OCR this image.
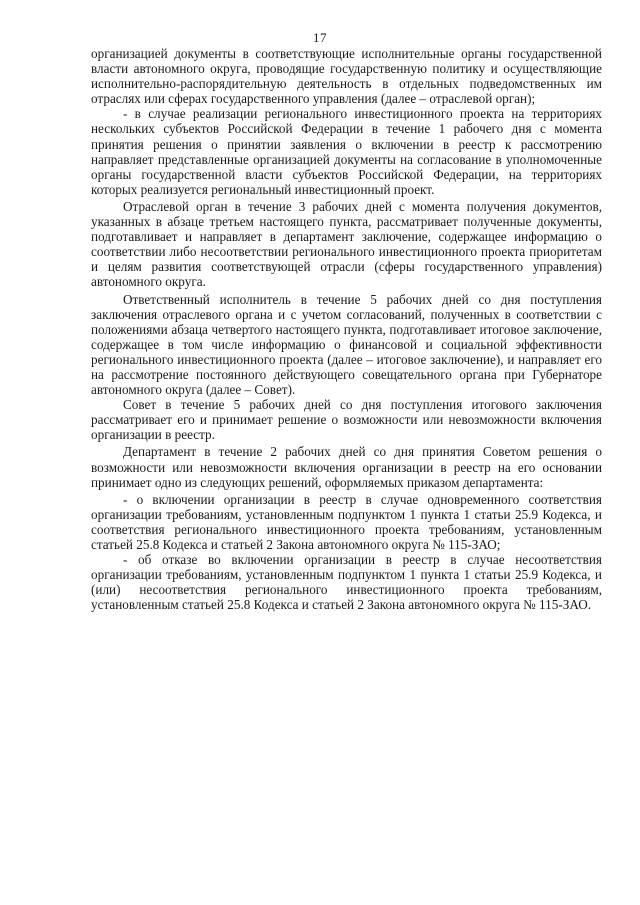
17

организацией документы в соответствующие исполнительные органы государственной власти автономного округа, проводящие государственную политику и осуществляющие исполнительно-распорядительную деятельность в отдельных подведомственных им отраслях или сферах государственного управления (далее – отраслевой орган);

- в случае реализации регионального инвестиционного проекта на территориях нескольких субъектов Российской Федерации в течение 1 рабочего дня с момента принятия решения о принятии заявления о включении в реестр к рассмотрению направляет представленные организацией документы на согласование в уполномоченные органы государственной власти субъектов Российской Федерации, на территориях которых реализуется региональный инвестиционный проект.

Отраслевой орган в течение 3 рабочих дней с момента получения документов, указанных в абзаце третьем настоящего пункта, рассматривает полученные документы, подготавливает и направляет в департамент заключение, содержащее информацию о соответствии либо несоответствии регионального инвестиционного проекта приоритетам и целям развития соответствующей отрасли (сферы государственного управления) автономного округа.

Ответственный исполнитель в течение 5 рабочих дней со дня поступления заключения отраслевого органа и с учетом согласований, полученных в соответствии с положениями абзаца четвертого настоящего пункта, подготавливает итоговое заключение, содержащее в том числе информацию о финансовой и социальной эффективности регионального инвестиционного проекта (далее – итоговое заключение), и направляет его на рассмотрение постоянного действующего совещательного органа при Губернаторе автономного округа (далее – Совет).

Совет в течение 5 рабочих дней со дня поступления итогового заключения рассматривает его и принимает решение о возможности или невозможности включения организации в реестр.

Департамент в течение 2 рабочих дней со дня принятия Советом решения о возможности или невозможности включения организации в реестр на его основании принимает одно из следующих решений, оформляемых приказом департамента:

- о включении организации в реестр в случае одновременного соответствия организации требованиям, установленным подпунктом 1 пункта 1 статьи 25.9 Кодекса, и соответствия регионального инвестиционного проекта требованиям, установленным статьей 25.8 Кодекса и статьей 2 Закона автономного округа № 115-ЗАО;

- об отказе во включении организации в реестр в случае несоответствия организации требованиям, установленным подпунктом 1 пункта 1 статьи 25.9 Кодекса, и (или) несоответствия регионального инвестиционного проекта требованиям, установленным статьей 25.8 Кодекса и статьей 2 Закона автономного округа № 115-ЗАО.
